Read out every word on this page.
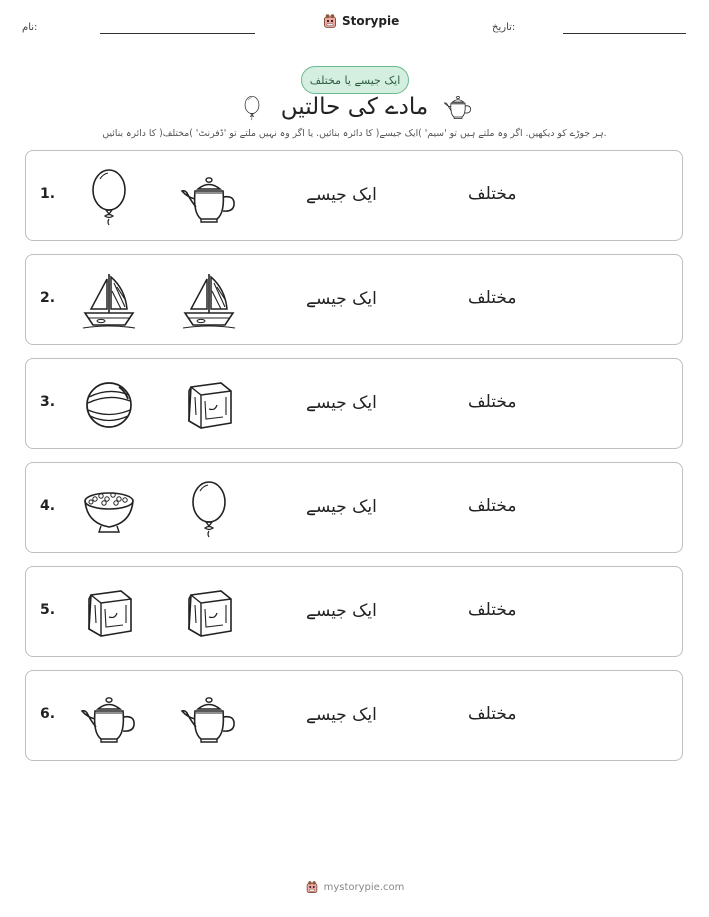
نام:	Storypie	تاریخ:
ایک جیسے یا مختلف
مادے کی حالتیں
ہر جوڑے کو دیکھیں. اگر وہ ملتے ہیں تو 'سیم' )ایک جیسے( کا دائرہ بنائیں. یا اگر وہ نہیں ملتے تو 'ڈفرنٹ' )مختلف( کا دائرہ بنائیں.
1.	ایک جیسے	مختلف
2.	ایک جیسے	مختلف
3.	ایک جیسے	مختلف
4.	ایک جیسے	مختلف
5.	ایک جیسے	مختلف
6.	ایک جیسے	مختلف
mystorypie.com
